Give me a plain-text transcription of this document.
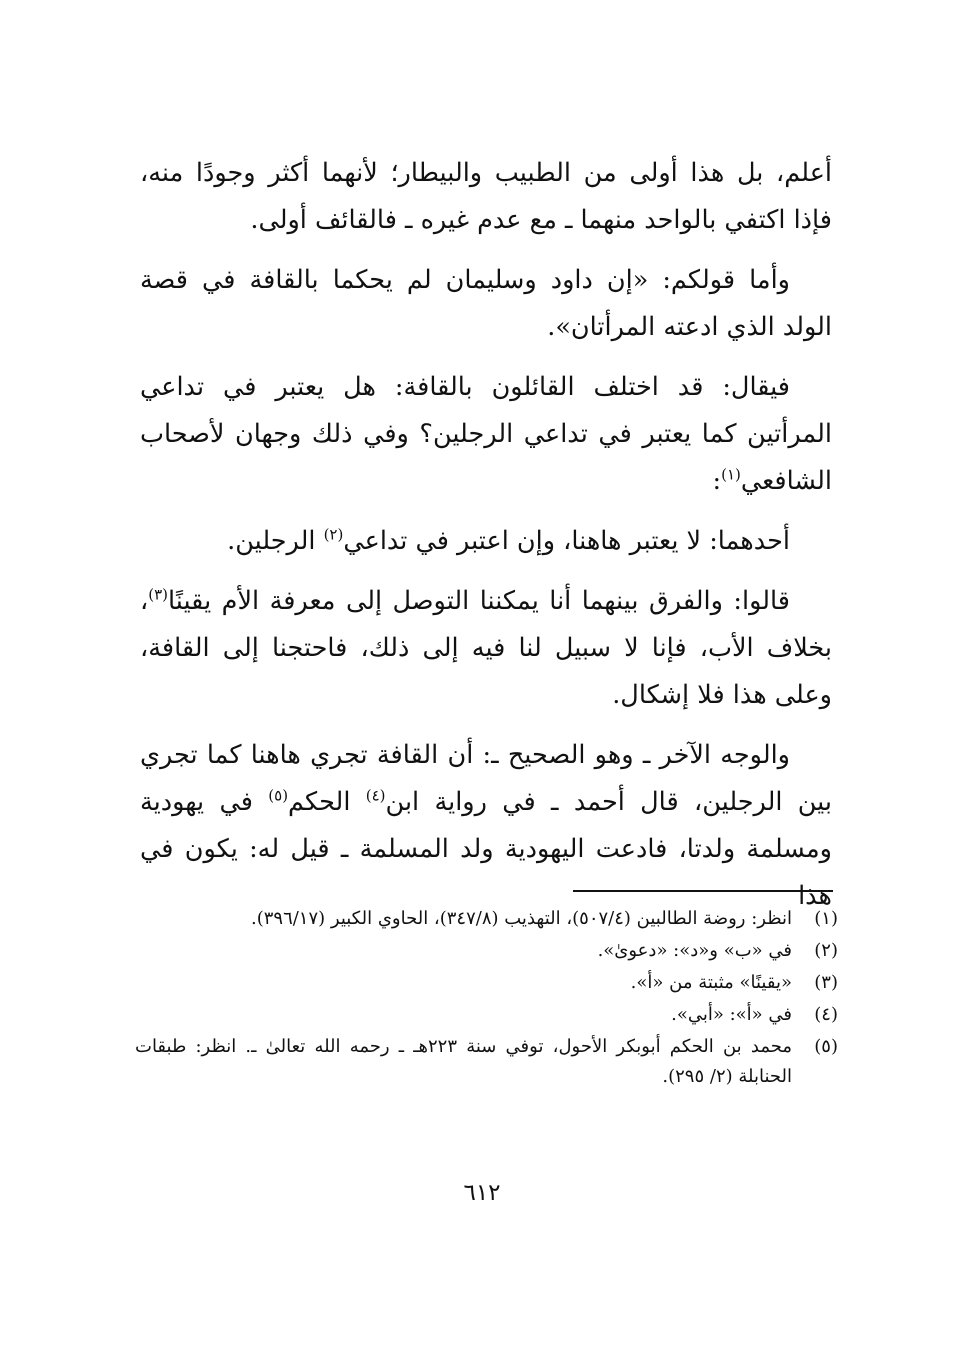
أعلم، بل هذا أولى من الطبيب والبيطار؛ لأنهما أكثر وجودًا منه، فإذا اكتفي بالواحد منهما ـ مع عدم غيره ـ فالقائف أولى.

وأما قولكم: «إن داود وسليمان لم يحكما بالقافة في قصة الولد الذي ادعته المرأتان».

فيقال: قد اختلف القائلون بالقافة: هل يعتبر في تداعي المرأتين كما يعتبر في تداعي الرجلين؟ وفي ذلك وجهان لأصحاب الشافعي$^{(١)}$:

أحدهما: لا يعتبر هاهنا، وإن اعتبر في تداعي$^{(٢)}$ الرجلين.

قالوا: والفرق بينهما أنا يمكننا التوصل إلى معرفة الأم يقينًا$^{(٣)}$، بخلاف الأب، فإنا لا سبيل لنا فيه إلى ذلك، فاحتجنا إلى القافة، وعلى هذا فلا إشكال.

والوجه الآخر ـ وهو الصحيح ـ: أن القافة تجري هاهنا كما تجري بين الرجلين، قال أحمد ـ في رواية ابن$^{(٤)}$ الحكم$^{(٥)}$ في يهودية ومسلمة ولدتا، فادعت اليهودية ولد المسلمة ـ قيل له: يكون في هذا

(١)
انظر: روضة الطالبين (٥٠٧/٤)، التهذيب (٣٤٧/٨)، الحاوي الكبير (٣٩٦/١٧).
(٢)
في «ب» و«د»: «دعوىٰ».
(٣)
«يقينًا» مثبتة من «أ».
(٤)
في «أ»: «أبي».
(٥)
محمد بن الحكم أبوبكر الأحول، توفي سنة ٢٢٣هـ ـ رحمه الله تعالىٰ ـ. انظر: طبقات الحنابلة (٢/ ٢٩٥).
٦١٢
